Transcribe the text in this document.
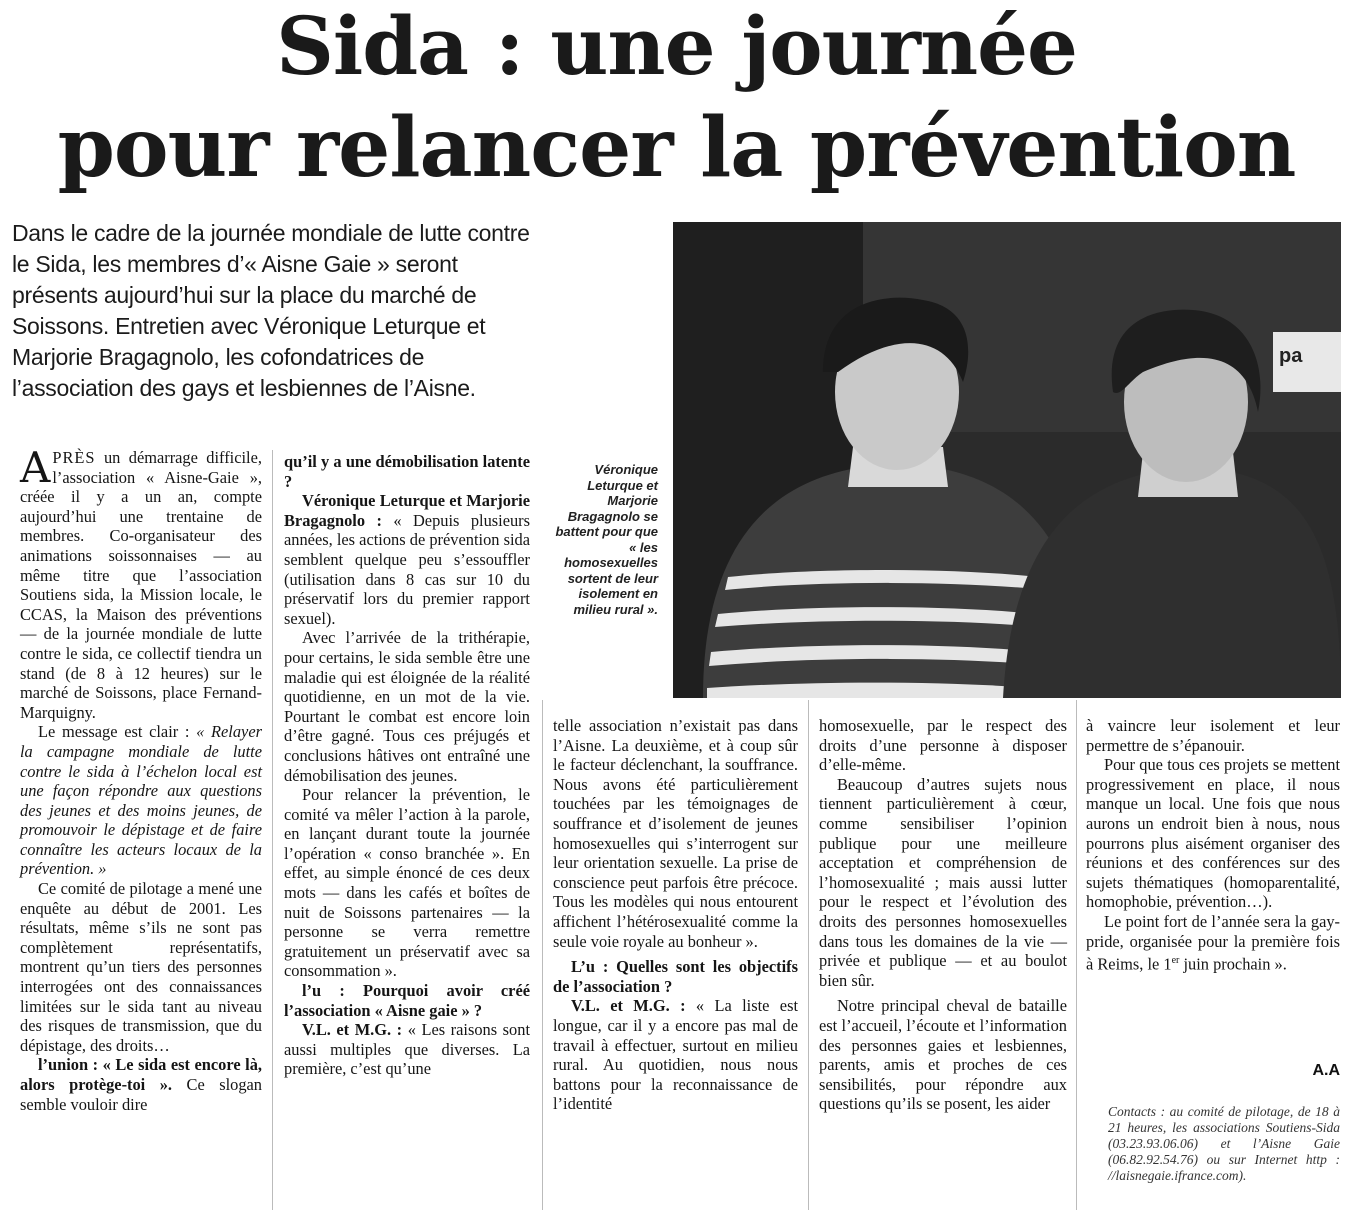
Sida : une journée
pour relancer la prévention

Dans le cadre de la journée mondiale de lutte contre le Sida, les membres d’« Aisne Gaie » seront présents aujourd’hui sur la place du marché de Soissons. Entretien avec Véronique Leturque et Marjorie Bragagnolo, les cofondatrices de l’association des gays et lesbiennes de l’Aisne.

pa

Véronique Leturque et Marjorie Bragagnolo se battent pour que « les homosexuelles sortent de leur isolement en milieu rural ».

APRÈS un démarrage difficile, l’association « Aisne-Gaie », créée il y a un an, compte aujourd’hui une trentaine de membres. Co-organisateur des animations soissonnaises — au même titre que l’association Soutiens sida, la Mission locale, le CCAS, la Maison des préventions — de la journée mondiale de lutte contre le sida, ce collectif tiendra un stand (de 8 à 12 heures) sur le marché de Soissons, place Fernand-Marquigny.

Le message est clair : « Relayer la campagne mondiale de lutte contre le sida à l’échelon local est une façon répondre aux questions des jeunes et des moins jeunes, de promouvoir le dépistage et de faire connaître les acteurs locaux de la prévention. »

Ce comité de pilotage a mené une enquête au début de 2001. Les résultats, même s’ils ne sont pas complètement représentatifs, montrent qu’un tiers des personnes interrogées ont des connaissances limitées sur le sida tant au niveau des risques de transmission, que du dépistage, des droits…

l’union : « Le sida est encore là, alors protège-toi ». Ce slogan semble vouloir dire

qu’il y a une démobilisation latente ?

Véronique Leturque et Marjorie Bragagnolo : « Depuis plusieurs années, les actions de prévention sida semblent quelque peu s’essouffler (utilisation dans 8 cas sur 10 du préservatif lors du premier rapport sexuel).

Avec l’arrivée de la trithérapie, pour certains, le sida semble être une maladie qui est éloignée de la réalité quotidienne, en un mot de la vie. Pourtant le combat est encore loin d’être gagné. Tous ces préjugés et conclusions hâtives ont entraîné une démobilisation des jeunes.

Pour relancer la prévention, le comité va mêler l’action à la parole, en lançant durant toute la journée l’opération « conso branchée ». En effet, au simple énoncé de ces deux mots — dans les cafés et boîtes de nuit de Soissons partenaires — la personne se verra remettre gratuitement un préservatif avec sa consommation ».

l’u : Pourquoi avoir créé l’association « Aisne gaie » ?

V.L. et M.G. : « Les raisons sont aussi multiples que diverses. La première, c’est qu’une

telle association n’existait pas dans l’Aisne. La deuxième, et à coup sûr le facteur déclenchant, la souffrance. Nous avons été particulièrement touchées par les témoignages de souffrance et d’isolement de jeunes homosexuelles qui s’interrogent sur leur orientation sexuelle. La prise de conscience peut parfois être précoce. Tous les modèles qui nous entourent affichent l’hétérosexualité comme la seule voie royale au bonheur ».

L’u : Quelles sont les objectifs de l’association ?

V.L. et M.G. : « La liste est longue, car il y a encore pas mal de travail à effectuer, surtout en milieu rural. Au quotidien, nous nous battons pour la reconnaissance de l’identité

homosexuelle, par le respect des droits d’une personne à disposer d’elle-même.

Beaucoup d’autres sujets nous tiennent particulièrement à cœur, comme sensibiliser l’opinion publique pour une meilleure acceptation et compréhension de l’homosexualité ; mais aussi lutter pour le respect et l’évolution des droits des personnes homosexuelles dans tous les domaines de la vie — privée et publique — et au boulot bien sûr.

Notre principal cheval de bataille est l’accueil, l’écoute et l’information des personnes gaies et lesbiennes, parents, amis et proches de ces sensibilités, pour répondre aux questions qu’ils se posent, les aider

à vaincre leur isolement et leur permettre de s’épanouir.

Pour que tous ces projets se mettent progressivement en place, il nous manque un local. Une fois que nous aurons un endroit bien à nous, nous pourrons plus aisément organiser des réunions et des conférences sur des sujets thématiques (homoparentalité, homophobie, prévention…).

Le point fort de l’année sera la gay-pride, organisée pour la première fois à Reims, le 1er juin prochain ».

A.A

Contacts : au comité de pilotage, de 18 à 21 heures, les associations Soutiens-Sida (03.23.93.06.06) et l’Aisne Gaie (06.82.92.54.76) ou sur Internet http : //laisnegaie.ifrance.com).
